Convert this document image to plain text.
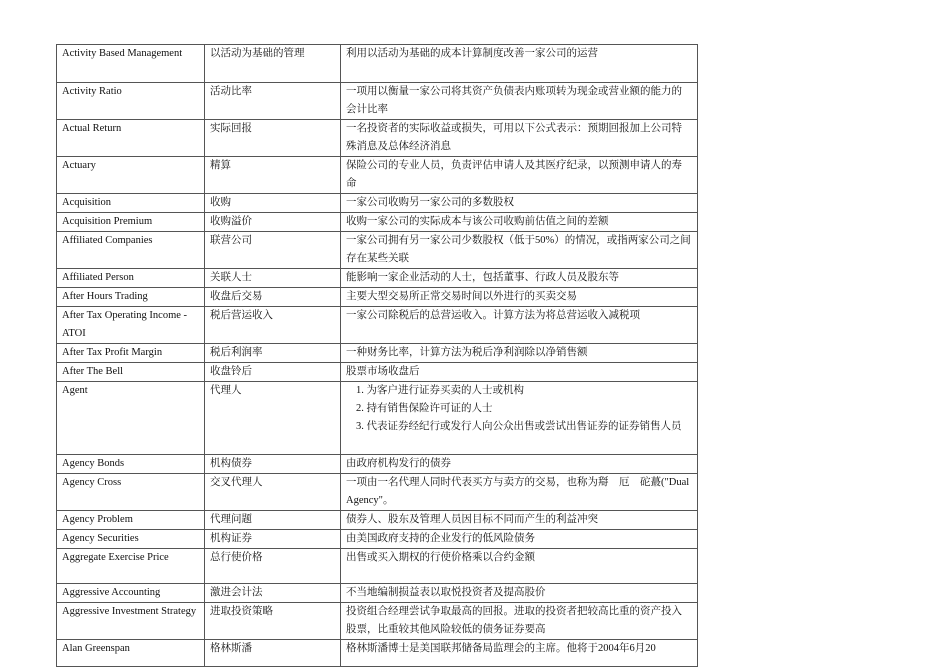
Activity Based Management	以活动为基础的管理	利用以活动为基础的成本计算制度改善一家公司的运营

Activity Ratio	活动比率	一项用以衡量一家公司将其资产负债表内账项转为现金或营业额的能力的会计比率

Actual Return	实际回报	一名投资者的实际收益或损失，可用以下公式表示：预期回报加上公司特殊消息及总体经济消息

Actuary	精算	保险公司的专业人员，负责评估申请人及其医疗纪录，以预测申请人的寿命

Acquisition	收购	一家公司收购另一家公司的多数股权

Acquisition Premium	收购溢价	收购一家公司的实际成本与该公司收购前估值之间的差额

Affiliated Companies	联营公司	一家公司拥有另一家公司少数股权（低于50%）的情况，或指两家公司之间存在某些关联

Affiliated Person	关联人士	能影响一家企业活动的人士，包括董事、行政人员及股东等

After Hours Trading	收盘后交易	主要大型交易所正常交易时间以外进行的买卖交易

After Tax Operating Income - ATOI	税后营运收入	一家公司除税后的总营运收入。计算方法为将总营运收入减税项

After Tax Profit Margin	税后利润率	一种财务比率，计算方法为税后净利润除以净销售额

After The Bell	收盘铃后	股票市场收盘后

Agent	代理人	1. 为客户进行证券买卖的人士或机构
2. 持有销售保险许可证的人士
3. 代表证券经纪行或发行人向公众出售或尝试出售证券的证券销售人员

Agency Bonds	机构债券	由政府机构发行的债券

Agency Cross	交叉代理人	一项由一名代理人同时代表买方与卖方的交易，也称为搿　厄　砣蕞("Dual Agency"。

Agency Problem	代理问题	债券人、股东及管理人员因目标不同而产生的利益冲突

Agency Securities	机构证券	由美国政府支持的企业发行的低风险债务

Aggregate Exercise Price	总行使价格	出售或买入期权的行使价格乘以合约金额

Aggressive Accounting	激进会计法	不当地编制损益表以取悦投资者及提高股价

Aggressive Investment Strategy	进取投资策略	投资组合经理尝试争取最高的回报。进取的投资者把较高比重的资产投入股票，比重较其他风险较低的债务证券要高

Alan Greenspan	格林斯潘	格林斯潘博士是美国联邦储备局监理会的主席。他将于2004年6月20
